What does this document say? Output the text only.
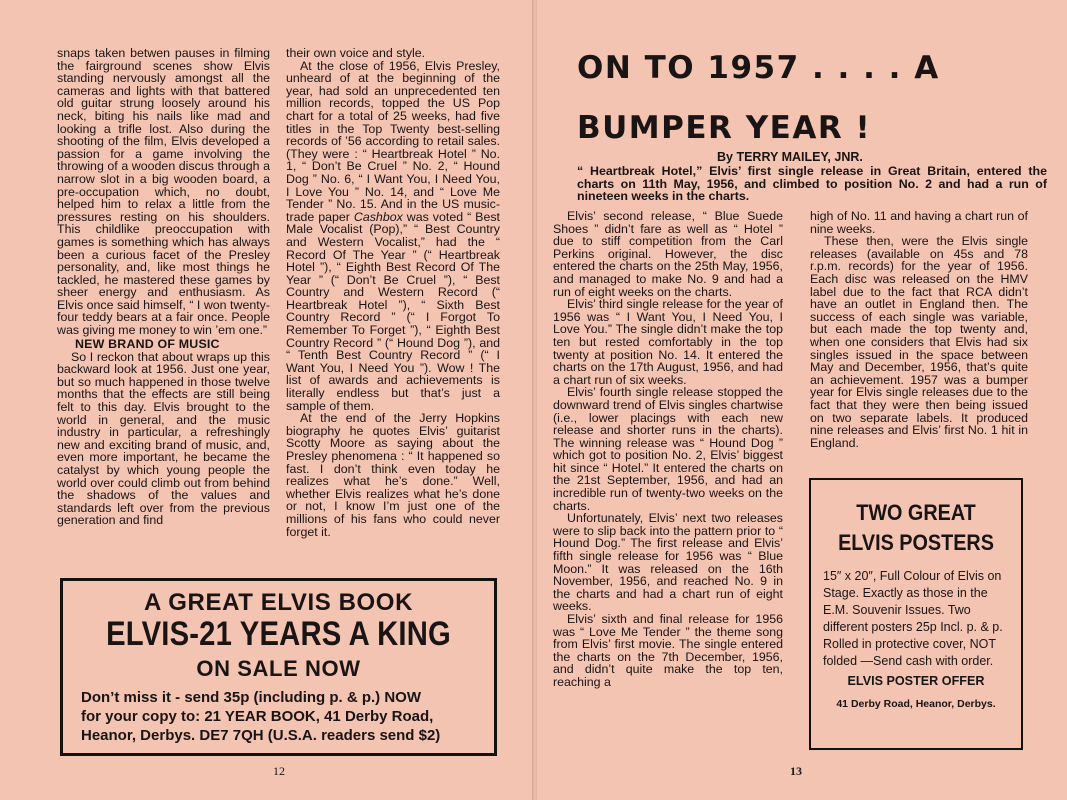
snaps taken betwen pauses in filming the fairground scenes show Elvis standing nervously amongst all the cameras and lights with that battered old guitar strung loosely around his neck, biting his nails like mad and looking a trifle lost. Also during the shooting of the film, Elvis developed a passion for a game involving the throwing of a wooden discus through a narrow slot in a big wooden board, a pre-occupation which, no doubt, helped him to relax a little from the pressures resting on his shoulders. This childlike preoccupation with games is something which has always been a curious facet of the Presley personality, and, like most things he tackled, he mastered these games by sheer energy and enthusiasm. As Elvis once said himself, “ I won twenty-four teddy bears at a fair once. People was giving me money to win ’em one.”

NEW BRAND OF MUSIC

So I reckon that about wraps up this backward look at 1956. Just one year, but so much happened in those twelve months that the effects are still being felt to this day. Elvis brought to the world in general, and the music industry in particular, a refreshingly new and exciting brand of music, and, even more important, he became the catalyst by which young people the world over could climb out from behind the shadows of the values and standards left over from the previous generation and find

their own voice and style.

At the close of 1956, Elvis Presley, unheard of at the beginning of the year, had sold an unprecedented ten million records, topped the US Pop chart for a total of 25 weeks, had five titles in the Top Twenty best-selling records of ’56 according to retail sales. (They were : “ Heartbreak Hotel ” No. 1, “ Don’t Be Cruel ” No. 2, “ Hound Dog ” No. 6, “ I Want You, I Need You, I Love You ” No. 14, and “ Love Me Tender ” No. 15. And in the US music-trade paper Cashbox was voted “ Best Male Vocalist (Pop),” “ Best Country and Western Vocalist,” had the “ Record Of The Year ” (“ Heartbreak Hotel ”), “ Eighth Best Record Of The Year ” (“ Don’t Be Cruel ”), “ Best Country and Western Record (“ Heartbreak Hotel ”), “ Sixth Best Country Record ” (“ I Forgot To Remember To Forget ”), “ Eighth Best Country Record ” (“ Hound Dog ”), and “ Tenth Best Country Record ” (“ I Want You, I Need You ”). Wow ! The list of awards and achievements is literally endless but that’s just a sample of them.

At the end of the Jerry Hopkins biography he quotes Elvis’ guitarist Scotty Moore as saying about the Presley phenomena : “ It happened so fast. I don’t think even today he realizes what he’s done.” Well, whether Elvis realizes what he’s done or not, I know I’m just one of the millions of his fans who could never forget it.

A GREAT ELVIS BOOK
ELVIS-21 YEARS A KING
ON SALE NOW
Don’t miss it - send 35p (including p. & p.) NOW
for your copy to: 21 YEAR BOOK, 41 Derby Road,
Heanor, Derbys. DE7 7QH (U.S.A. readers send $2)
12
ON TO 1957 . . . . A
BUMPER YEAR !
By TERRY MAILEY, JNR.
“ Heartbreak Hotel,” Elvis’ first single release in Great Britain, entered the charts on 11th May, 1956, and climbed to position No. 2 and had a run of nineteen weeks in the charts.

Elvis’ second release, “ Blue Suede Shoes ” didn’t fare as well as “ Hotel ” due to stiff competition from the Carl Perkins original. However, the disc entered the charts on the 25th May, 1956, and managed to make No. 9 and had a run of eight weeks on the charts.

Elvis’ third single release for the year of 1956 was “ I Want You, I Need You, I Love You.” The single didn’t make the top ten but rested comfortably in the top twenty at position No. 14. It entered the charts on the 17th August, 1956, and had a chart run of six weeks.

Elvis’ fourth single release stopped the downward trend of Elvis singles chartwise (i.e., lower placings with each new release and shorter runs in the charts). The winning release was “ Hound Dog ” which got to position No. 2, Elvis’ biggest hit since “ Hotel.” It entered the charts on the 21st September, 1956, and had an incredible run of twenty-two weeks on the charts.

Unfortunately, Elvis’ next two releases were to slip back into the pattern prior to “ Hound Dog.” The first release and Elvis’ fifth single release for 1956 was “ Blue Moon.” It was released on the 16th November, 1956, and reached No. 9 in the charts and had a chart run of eight weeks.

Elvis’ sixth and final release for 1956 was “ Love Me Tender ” the theme song from Elvis’ first movie. The single entered the charts on the 7th December, 1956, and didn’t quite make the top ten, reaching a

high of No. 11 and having a chart run of nine weeks.

These then, were the Elvis single releases (available on 45s and 78 r.p.m. records) for the year of 1956. Each disc was released on the HMV label due to the fact that RCA didn’t have an outlet in England then. The success of each single was variable, but each made the top twenty and, when one considers that Elvis had six singles issued in the space between May and December, 1956, that’s quite an achievement. 1957 was a bumper year for Elvis single releases due to the fact that they were then being issued on two separate labels. It produced nine releases and Elvis’ first No. 1 hit in England.

TWO GREAT
ELVIS POSTERS
15″ x 20″, Full Colour of Elvis on Stage. Exactly as those in the E.M. Souvenir Issues. Two different posters 25p Incl. p. & p. Rolled in protective cover, NOT folded —Send cash with order.
ELVIS POSTER OFFER
41 Derby Road, Heanor, Derbys.
13
